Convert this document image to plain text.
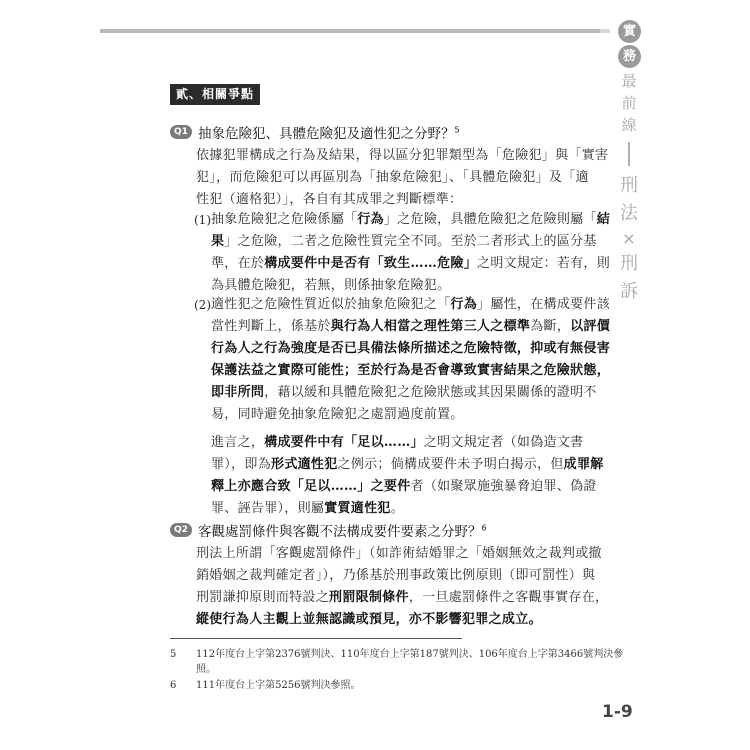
實
務
最
前
線
刑
法
×
刑
訴
貳、相關爭點
Q1 抽象危險犯、具體危險犯及適性犯之分野？$^5$
依據犯罪構成之行為及結果，得以區分犯罪類型為「危險犯」與「實害
犯」，而危險犯可以再區別為「抽象危險犯」、「具體危險犯」及「適
性犯（適格犯）」，各自有其成罪之判斷標準：
(1) 抽象危險犯之危險係屬「行為」之危險，具體危險犯之危險則屬「結
果」之危險，二者之危險性質完全不同。至於二者形式上的區分基
準，在於構成要件中是否有「致生……危險」之明文規定：若有，則
為具體危險犯，若無，則係抽象危險犯。
(2) 適性犯之危險性質近似於抽象危險犯之「行為」屬性，在構成要件該
當性判斷上，係基於與行為人相當之理性第三人之標準為斷，以評價
行為人之行為強度是否已具備法條所描述之危險特徵，抑或有無侵害
保護法益之實際可能性；至於行為是否會導致實害結果之危險狀態，
即非所問，藉以緩和具體危險犯之危險狀態或其因果關係的證明不
易，同時避免抽象危險犯之處罰過度前置。
進言之，構成要件中有「足以……」之明文規定者（如偽造文書
罪），即為形式適性犯之例示；倘構成要件未予明白揭示，但成罪解
釋上亦應合致「足以……」之要件者（如聚眾施強暴脅迫罪、偽證
罪、誣告罪），則屬實質適性犯。
Q2 客觀處罰條件與客觀不法構成要件要素之分野？$^6$
刑法上所謂「客觀處罰條件」（如詐術結婚罪之「婚姻無效之裁判或撤
銷婚姻之裁判確定者」），乃係基於刑事政策比例原則（即可罰性）與
刑罰謙抑原則而特設之刑罰限制條件，一旦處罰條件之客觀事實存在，
縱使行為人主觀上並無認識或預見，亦不影響犯罪之成立。
5 112年度台上字第2376號判決、110年度台上字第187號判決、106年度台上字第3466號判決參
照。
6 111年度台上字第5256號判決參照。
1-9
